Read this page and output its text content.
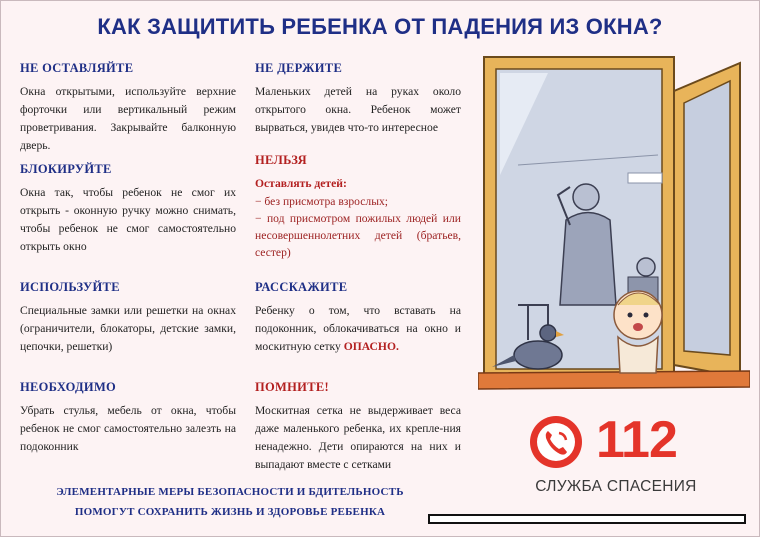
КАК ЗАЩИТИТЬ РЕБЕНКА ОТ ПАДЕНИЯ ИЗ ОКНА?
НЕ ОСТАВЛЯЙТЕ

Окна открытыми, используйте верхние форточки или вертикальный режим проветривания. Закрывайте балконную дверь.

БЛОКИРУЙТЕ

Окна так, чтобы ребенок не смог их открыть - оконную ручку можно снимать, чтобы ребенок не смог самостоятельно открыть окно

ИСПОЛЬЗУЙТЕ

Специальные замки или решетки на окнах (ограничители, блокаторы, детские замки, цепочки, решетки)

НЕОБХОДИМО

Убрать стулья, мебель от окна, чтобы ребенок не смог самостоятельно залезть на подоконник

НЕ ДЕРЖИТЕ

Маленьких детей на руках около открытого окна. Ребенок может вырваться, увидев что-то интересное

НЕЛЬЗЯ
Оставлять детей:

− без присмотра взрослых;

− под присмотром пожилых людей или несовершеннолетних детей (братьев, сестер)

РАССКАЖИТЕ

Ребенку о том, что вставать на подоконник, облокачиваться на окно и москитную сетку ОПАСНО.

ПОМНИТЕ!

Москитная сетка не выдерживает веса даже маленького ребенка, их крепле-ния ненадежно. Дети опираются на них и выпадают вместе с сетками

ЭЛЕМЕНТАРНЫЕ МЕРЫ БЕЗОПАСНОСТИ И БДИТЕЛЬНОСТЬ
ПОМОГУТ СОХРАНИТЬ ЖИЗНЬ И ЗДОРОВЬЕ РЕБЕНКА
112
СЛУЖБА СПАСЕНИЯ
